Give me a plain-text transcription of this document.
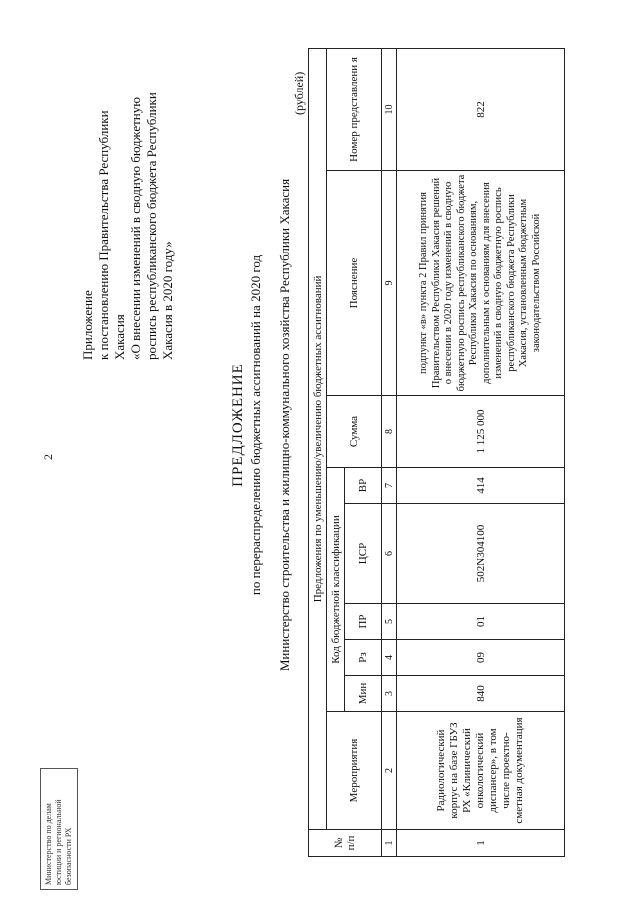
2
Приложение к постановлению Правительства Республики Хакасия «О внесении изменений в сводную бюджетную роспись республиканского бюджета Республики Хакасия в 2020 году»
ПРЕДЛОЖЕНИЕ по перераспределению бюджетных ассигнований на 2020 год Министерство строительства и жилищно-коммунального хозяйства Республики Хакасия
(рублей)
Министерство по делам юстиции и региональной безопасности РХ	№ п/п	Предложения по уменьшению/увеличению бюджетных ассигнований								
	Мероприятия	Код бюджетной классификации					Сумма	Пояснение	Номер представлени я
		Мин	Рз	ПР	ЦСР	ВР			
1	2	3	4	5	6	7	8	9	10
1	Радиологический корпус на базе ГБУЗ РХ «Клинический онкологический диспансер», в том числе проектно-сметная документация	840	09	01	502N304100	414	1 125 000	подпункт «в» пункта 2 Правил принятия Правительством Республики Хакасия решений о внесении в 2020 году изменений в сводную бюджетную роспись республиканского бюджета Республики Хакасия по основаниям, дополнительным к основаниям для внесения изменений в сводную бюджетную роспись республиканского бюджета Республики Хакасия, установленным бюджетным законодательством Российской	822
